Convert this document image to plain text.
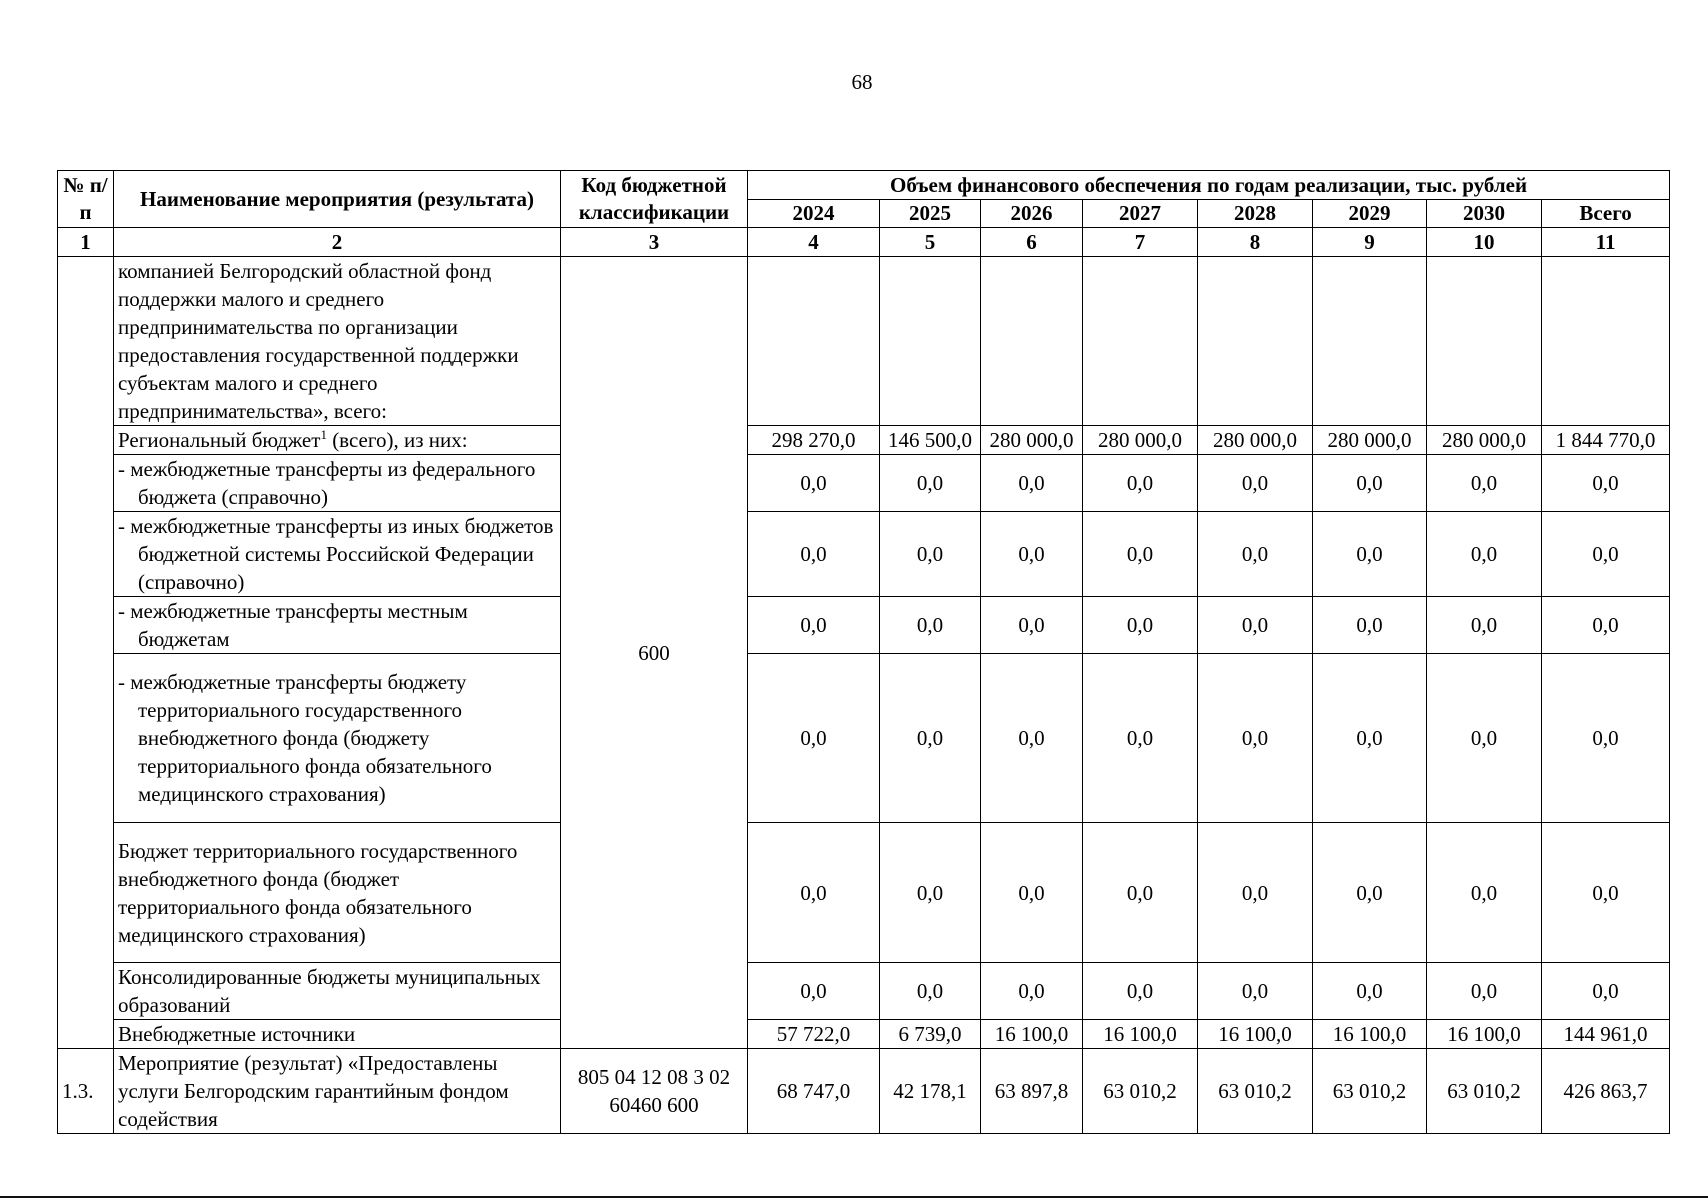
68
№ п/п	Наименование мероприятия (результата)	Код бюджетной классификации	Объем финансового обеспечения по годам реализации, тыс. рублей							
			2024	2025	2026	2027	2028	2029	2030	Всего
1	2	3	4	5	6	7	8	9	10	11
	компанией Белгородский областной фонд поддержки малого и среднего предпринимательства по организации предоставления государственной поддержки субъектам малого и среднего предпринимательства», всего:	600								
	Региональный бюджет$^1$ (всего), из них:		298 270,0	146 500,0	280 000,0	280 000,0	280 000,0	280 000,0	280 000,0	1 844 770,0

	- межбюджетные трансферты из федерального бюджета (справочно)		0,0	0,0	0,0	0,0	0,0	0,0	0,0	0,0

	- межбюджетные трансферты из иных бюджетов бюджетной системы Российской Федерации (справочно)		0,0	0,0	0,0	0,0	0,0	0,0	0,0	0,0

	- межбюджетные трансферты местным бюджетам		0,0	0,0	0,0	0,0	0,0	0,0	0,0	0,0

	- межбюджетные трансферты бюджету территориального государственного внебюджетного фонда (бюджету территориального фонда обязательного медицинского страхования)		0,0	0,0	0,0	0,0	0,0	0,0	0,0	0,0
	Бюджет территориального государственного внебюджетного фонда (бюджет территориального фонда обязательного медицинского страхования)		0,0	0,0	0,0	0,0	0,0	0,0	0,0	0,0
	Консолидированные бюджеты муниципальных образований		0,0	0,0	0,0	0,0	0,0	0,0	0,0	0,0
	Внебюджетные источники		57 722,0	6 739,0	16 100,0	16 100,0	16 100,0	16 100,0	16 100,0	144 961,0
1.3.	Мероприятие (результат) «Предоставлены услуги Белгородским гарантийным фондом содействия	805 04 12 08 3 02 60460 600	68 747,0	42 178,1	63 897,8	63 010,2	63 010,2	63 010,2	63 010,2	426 863,7
